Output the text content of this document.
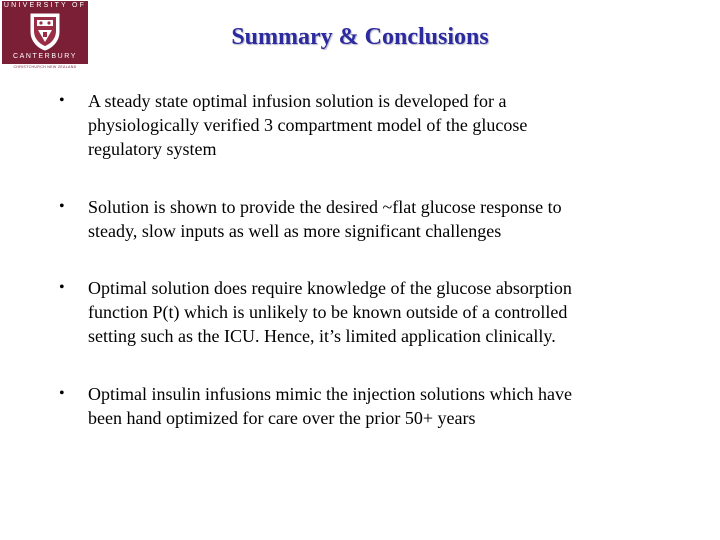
UNIVERSITY OF
CANTERBURY
CHRISTCHURCH NEW ZEALAND
Summary & Conclusions
• A steady state optimal infusion solution is developed for a
physiologically verified 3 compartment model of the glucose
regulatory system
• Solution is shown to provide the desired ~flat glucose response to
steady, slow inputs as well as more significant challenges
• Optimal solution does require knowledge of the glucose absorption
function P(t) which is unlikely to be known outside of a controlled
setting such as the ICU. Hence, it’s limited application clinically.
• Optimal insulin infusions mimic the injection solutions which have
been hand optimized for care over the prior 50+ years
